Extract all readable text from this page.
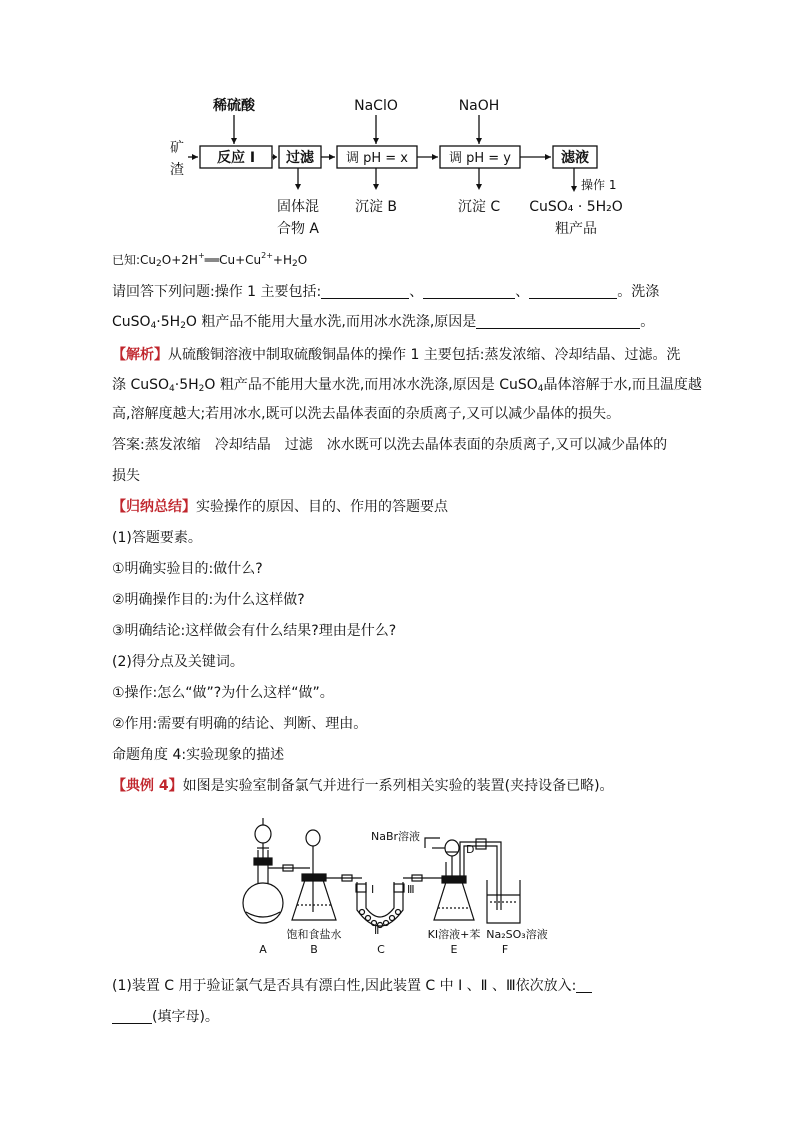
矿
渣
稀硫酸	NaClO	NaOH
反应 Ⅰ 过滤 调 pH = x	调 pH = y	滤液
固体混
合物 A
沉淀 B	沉淀 C
操作 1
CuSO₄ · 5H₂O
粗产品
已知$:Cu_2O+2H^+══Cu+Cu^{2+}+H_2O$
请回答下列问题:操作 1 主要包括:	、	、	。洗涤
$CuSO_4\cdot 5H_2O$ 粗产品不能用大量水洗,而用冰水洗涤,原因是	。
【解析】从硫酸铜溶液中制取硫酸铜晶体的操作 1 主要包括:蒸发浓缩、冷却结晶、过滤。洗
涤 $CuSO_4\cdot 5H_2O$ 粗产品不能用大量水洗,而用冰水洗涤,原因是 CuSO$_4$晶体溶解于水,而且温度越
高,溶解度越大;若用冰水,既可以洗去晶体表面的杂质离子,又可以减少晶体的损失。
答案:蒸发浓缩　冷却结晶　过滤　冰水既可以洗去晶体表面的杂质离子,又可以减少晶体的
损失
【归纳总结】实验操作的原因、目的、作用的答题要点
(1)答题要素。
①明确实验目的:做什么?
②明确操作目的:为什么这样做?
③明确结论:这样做会有什么结果?理由是什么?
(2)得分点及关键词。
①操作:怎么“做”?为什么这样“做”。
②作用:需要有明确的结论、判断、理由。
命题角度 4:实验现象的描述
【典例 4】如图是实验室制备氯气并进行一系列相关实验的装置(夹持设备已略)。
NaBr溶液
D
Ⅰ
Ⅱ
Ⅲ
饱和食盐水	KI溶液+苯 Na₂SO₃溶液
A	B	C	E	F
(1)装置 C 用于验证氯气是否具有漂白性,因此装置 C 中 Ⅰ 、Ⅱ 、Ⅲ依次放入:
(填字母)。
